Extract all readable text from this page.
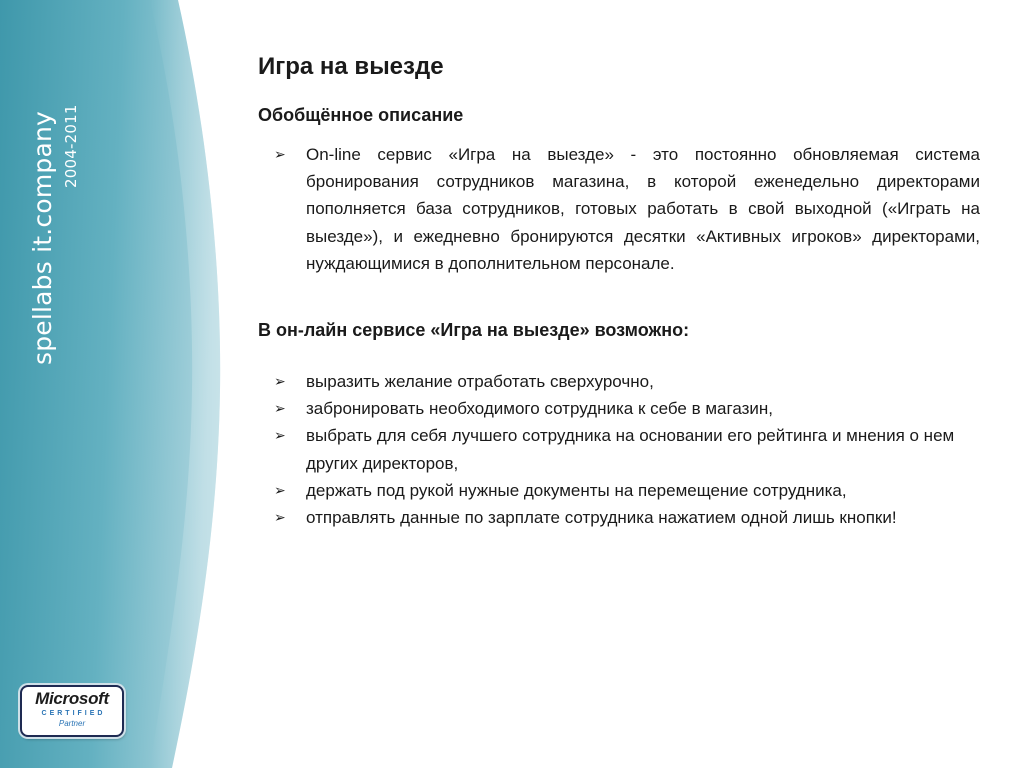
spellabs it.company 2004-2011
Microsoft
CERTIFIED
Partner
Игра на выезде
Обобщённое описание
➢ On-line сервис «Игра на выезде» - это постоянно обновляемая система бронирования сотрудников магазина, в которой еженедельно директорами пополняется база сотрудников, готовых работать в свой выходной («Играть на выезде»), и ежедневно бронируются десятки «Активных игроков» директорами, нуждающимися в дополнительном персонале.
В он-лайн сервисе «Игра на выезде» возможно:
➢ выразить желание отработать сверхурочно,
➢ забронировать необходимого сотрудника к себе в магазин,
➢ выбрать для себя лучшего сотрудника на основании его рейтинга и мнения о нем других директоров,
➢ держать под рукой нужные документы на перемещение сотрудника,
➢ отправлять данные по зарплате сотрудника нажатием одной лишь кнопки!
